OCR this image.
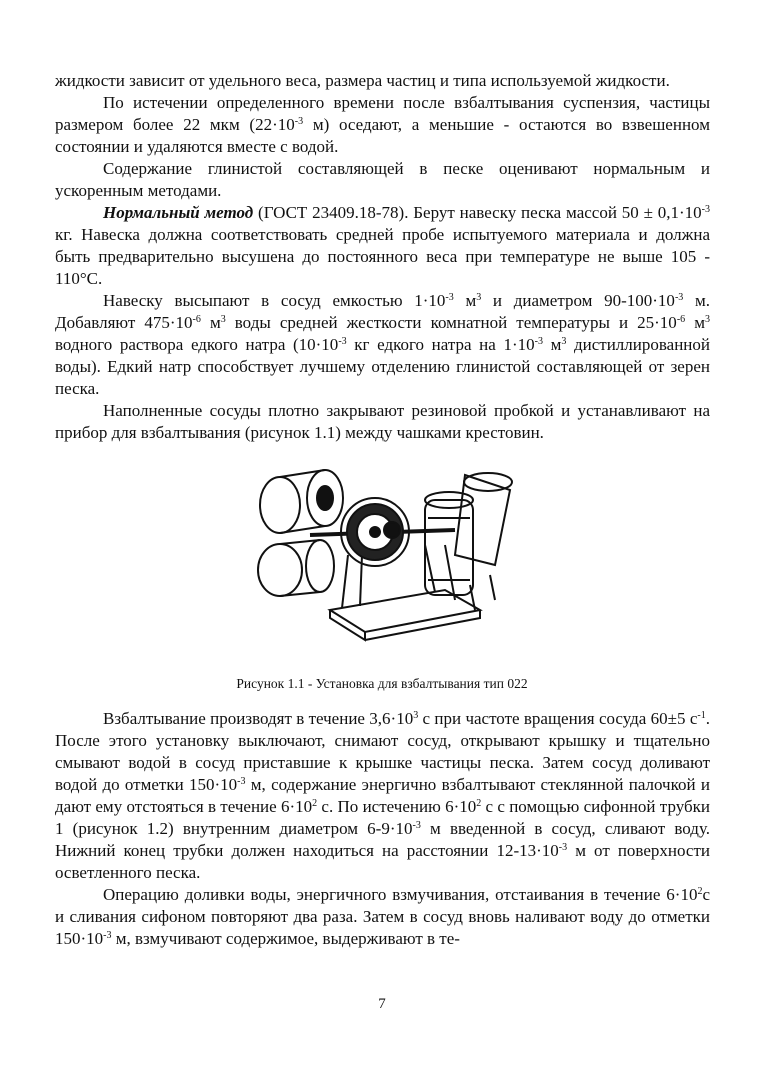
жидкости зависит от удельного веса, размера частиц и типа используемой жидкости.

По истечении определенного времени после взбалтывания суспензия, частицы размером более 22 мкм ($22\cdot 10^{-3}$ м) оседают, а меньшие - остаются во взвешенном состоянии и удаляются вместе с водой.

Содержание глинистой составляющей в песке оценивают нормальным и ускоренным методами.

Нормальный метод (ГОСТ 23409.18-78). Берут навеску песка массой $50 \pm 0,1\cdot 10^{-3}$ кг. Навеска должна соответствовать средней пробе испытуемого материала и должна быть предварительно высушена до постоянного веса при температуре не выше 105 - 110°С.

Навеску высыпают в сосуд емкостью $1\cdot 10^{-3}$ $м^3$ и диаметром $90-100\cdot 10^{-3}$ м. Добавляют $475\cdot 10^{-6}$ $м^3$ воды средней жесткости комнатной температуры и $25\cdot 10^{-6}$ $м^3$ водного раствора едкого натра ($10\cdot 10^{-3}$ кг едкого натра на $1\cdot 10^{-3}$ $м^3$ дистиллированной воды). Едкий натр способствует лучшему отделению глинистой составляющей от зерен песка.

Наполненные сосуды плотно закрывают резиновой пробкой и устанавливают на прибор для взбалтывания (рисунок 1.1) между чашками крестовин.

Рисунок 1.1 - Установка для взбалтывания тип 022

Взбалтывание производят в течение $3,6\cdot 10^3$ с при частоте вращения сосуда 60±5 $с^{-1}$. После этого установку выключают, снимают сосуд, открывают крышку и тщательно смывают водой в сосуд приставшие к крышке частицы песка. Затем сосуд доливают водой до отметки $150\cdot 10^{-3}$ м, содержание энергично взбалтывают стеклянной палочкой и дают ему отстояться в течение $6\cdot 10^2$ с. По истечению $6\cdot 10^2$ с с помощью сифонной трубки 1 (рисунок 1.2) внутренним диаметром $6-9\cdot 10^{-3}$ м введенной в сосуд, сливают воду. Нижний конец трубки должен находиться на расстоянии $12-13\cdot 10^{-3}$ м от поверхности осветленного песка.

Операцию доливки воды, энергичного взмучивания, отстаивания в течение $6\cdot 10^2с$ и сливания сифоном повторяют два раза. Затем в сосуд вновь наливают воду до отметки $150\cdot 10^{-3}$ м, взмучивают содержимое, выдерживают в те-

7
